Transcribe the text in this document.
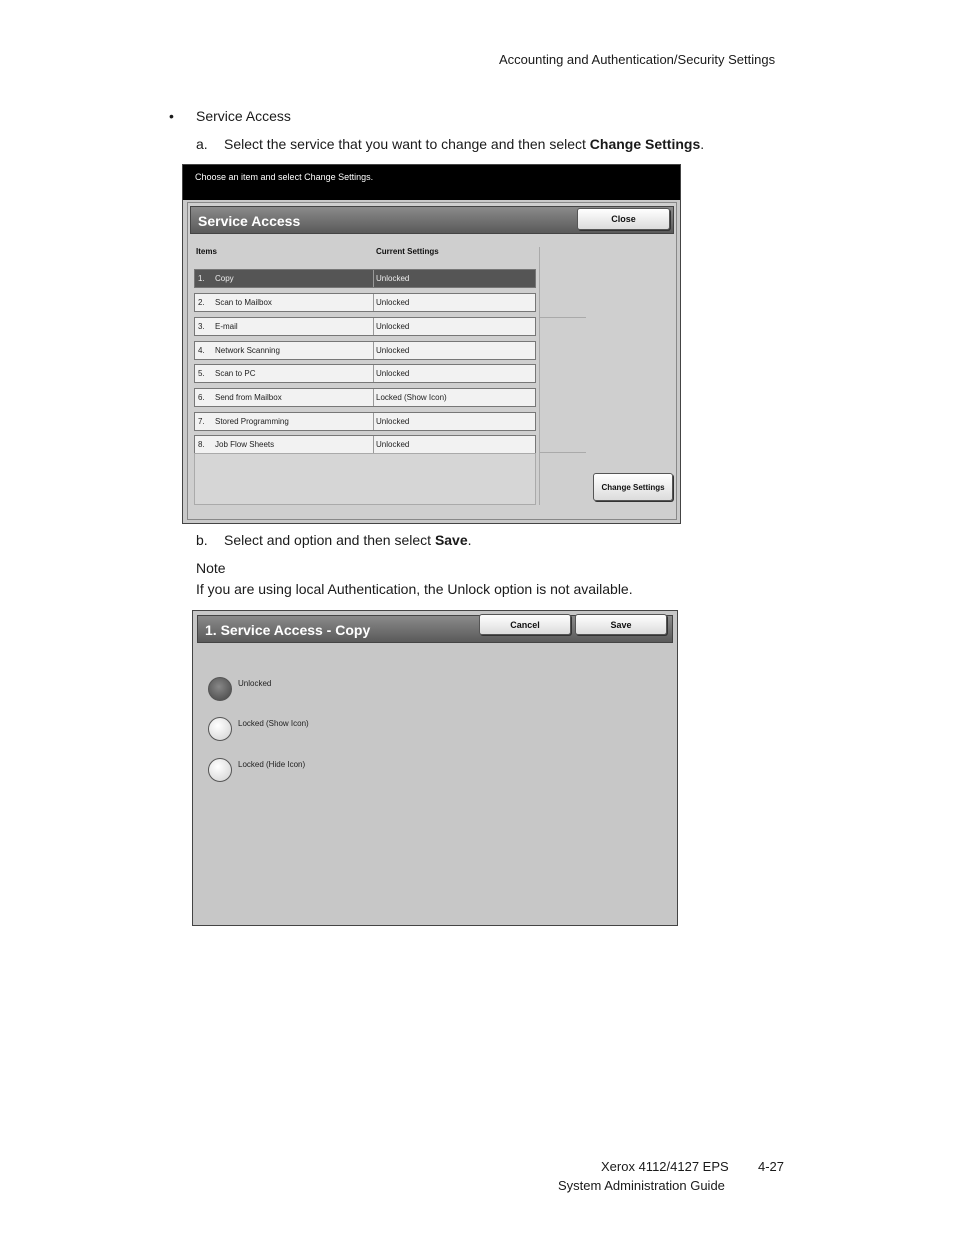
Accounting and Authentication/Security Settings
• Service Access
a. Select the service that you want to change and then select Change Settings.
Choose an item and select Change Settings.
Service Access	Close
Items	Current Settings
1.	Copy	Unlocked
2.	Scan to Mailbox	Unlocked
3.	E-mail	Unlocked
4.	Network Scanning	Unlocked
5.	Scan to PC	Unlocked
6.	Send from Mailbox	Locked (Show Icon)
7.	Stored Programming	Unlocked
8.	Job Flow Sheets	Unlocked
Change Settings
b. Select and option and then select Save.
Note
If you are using local Authentication, the Unlock option is not available.
1. Service Access - Copy	Cancel	Save
Unlocked
Locked (Show Icon)
Locked (Hide Icon)
Xerox 4112/4127 EPS 4-27
System Administration Guide
